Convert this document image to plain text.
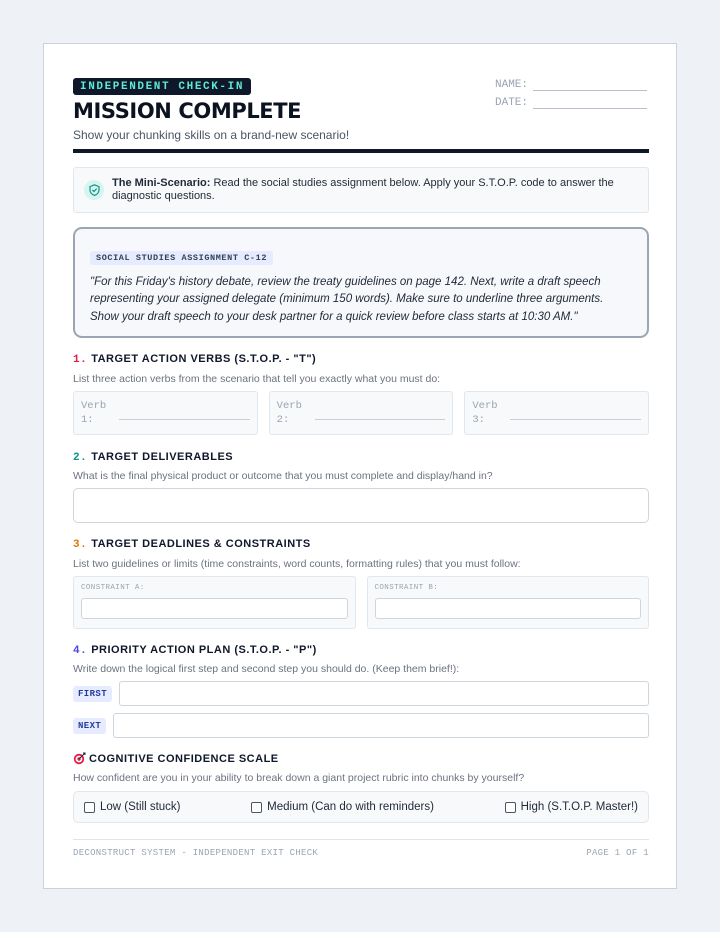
INDEPENDENT CHECK-IN
MISSION COMPLETE
Show your chunking skills on a brand-new scenario!
NAME:
DATE:
The Mini-Scenario: Read the social studies assignment below. Apply your S.T.O.P. code to answer the diagnostic questions.
SOCIAL STUDIES ASSIGNMENT C-12
"For this Friday's history debate, review the treaty guidelines on page 142. Next, write a draft speech representing your assigned delegate (minimum 150 words). Make sure to underline three arguments. Show your draft speech to your desk partner for a quick review before class starts at 10:30 AM."
1. TARGET ACTION VERBS (S.T.O.P. - "T")
List three action verbs from the scenario that tell you exactly what you must do:
Verb 1:
Verb 2:
Verb 3:
2. TARGET DELIVERABLES
What is the final physical product or outcome that you must complete and display/hand in?
3. TARGET DEADLINES & CONSTRAINTS
List two guidelines or limits (time constraints, word counts, formatting rules) that you must follow:
CONSTRAINT A:	CONSTRAINT B:
4. PRIORITY ACTION PLAN (S.T.O.P. - "P")
Write down the logical first step and second step you should do. (Keep them brief!):
FIRST
NEXT
COGNITIVE CONFIDENCE SCALE
How confident are you in your ability to break down a giant project rubric into chunks by yourself?
Low (Still stuck)	Medium (Can do with reminders)	High (S.T.O.P. Master!)
DECONSTRUCT SYSTEM - INDEPENDENT EXIT CHECK	PAGE 1 OF 1
